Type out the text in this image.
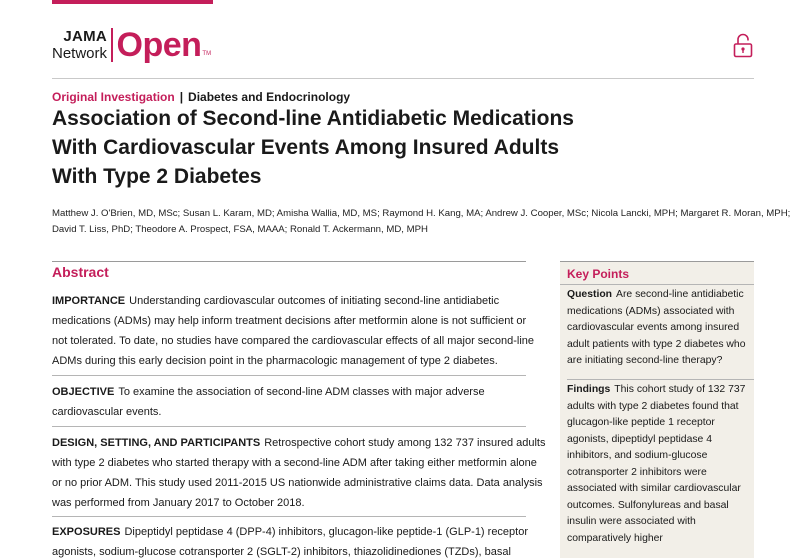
JAMA
Network Open TM
Original Investigation | Diabetes and Endocrinology
Association of Second-line Antidiabetic Medications
With Cardiovascular Events Among Insured Adults
With Type 2 Diabetes
Matthew J. O'Brien, MD, MSc; Susan L. Karam, MD; Amisha Wallia, MD, MS; Raymond H. Kang, MA; Andrew J. Cooper, MSc; Nicola Lancki, MPH; Margaret R. Moran, MPH;
David T. Liss, PhD; Theodore A. Prospect, FSA, MAAA; Ronald T. Ackermann, MD, MPH
Abstract
IMPORTANCE Understanding cardiovascular outcomes of initiating second-line antidiabetic
medications (ADMs) may help inform treatment decisions after metformin alone is not sufficient or
not tolerated. To date, no studies have compared the cardiovascular effects of all major second-line
ADMs during this early decision point in the pharmacologic management of type 2 diabetes.
OBJECTIVE To examine the association of second-line ADM classes with major adverse
cardiovascular events.
DESIGN, SETTING, AND PARTICIPANTS Retrospective cohort study among 132 737 insured adults
with type 2 diabetes who started therapy with a second-line ADM after taking either metformin alone
or no prior ADM. This study used 2011-2015 US nationwide administrative claims data. Data analysis
was performed from January 2017 to October 2018.
EXPOSURES Dipeptidyl peptidase 4 (DPP-4) inhibitors, glucagon-like peptide-1 (GLP-1) receptor
agonists, sodium-glucose cotransporter 2 (SGLT-2) inhibitors, thiazolidinediones (TZDs), basal
Key Points
Question Are second-line antidiabetic
medications (ADMs) associated with
cardiovascular events among insured
adult patients with type 2 diabetes who
are initiating second-line therapy?
Findings This cohort study of 132 737
adults with type 2 diabetes found that
glucagon-like peptide 1 receptor
agonists, dipeptidyl peptidase 4
inhibitors, and sodium-glucose
cotransporter 2 inhibitors were
associated with similar cardiovascular
outcomes. Sulfonylureas and basal
insulin were associated with
comparatively higher
